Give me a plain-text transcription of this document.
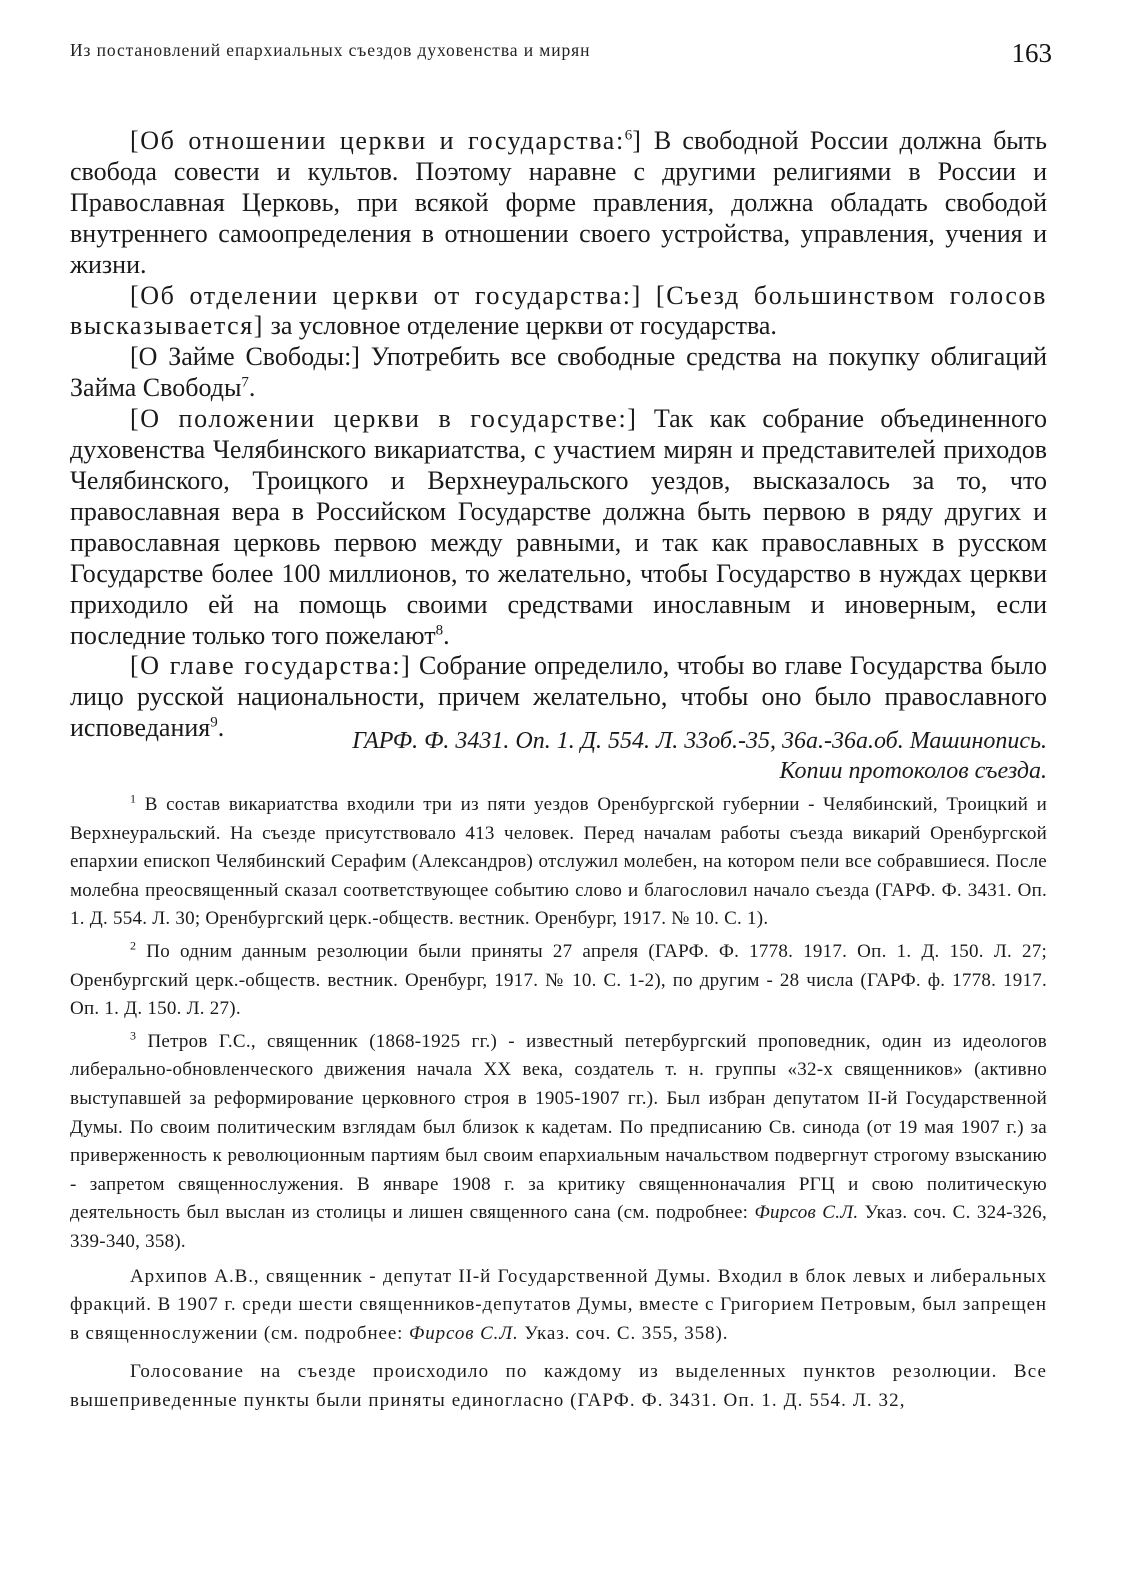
Из постановлений епархиальных съездов духовенства и мирян	163

[Об отношении церкви и государства:$^6$] В свободной России должна быть свобода совести и культов. Поэтому наравне с другими религиями в России и Православная Церковь, при всякой форме правления, должна обладать свободой внутреннего самоопределения в отношении своего устройства, управления, учения и жизни.

[Об отделении церкви от государства:] [Съезд большинством голосов высказывается] за условное отделение церкви от государства.

[О Займе Свободы:] Употребить все свободные средства на покупку облигаций Займа Свободы$^7$.

[О положении церкви в государстве:] Так как собрание объединенного духовенства Челябинского викариатства, с участием мирян и представителей приходов Челябинского, Троицкого и Верхнеуральского уездов, высказалось за то, что православная вера в Российском Государстве должна быть первою в ряду других и православная церковь первою между равными, и так как православных в русском Государстве более 100 миллионов, то желательно, чтобы Государство в нуждах церкви приходило ей на помощь своими средствами инославным и иноверным, если последние только того пожелают$^8$.

[О главе государства:] Собрание определило, чтобы во главе Государства было лицо русской национальности, причем желательно, чтобы оно было православного исповедания$^9$.	ГАРФ. Ф. 3431. Оп. 1. Д. 554. Л. 33об.-35, 36а.-36а.об. Машинопись.
Копии протоколов съезда.

$^1$ В состав викариатства входили три из пяти уездов Оренбургской губернии - Челябинский, Троицкий и Верхнеуральский. На съезде присутствовало 413 человек. Перед началам работы съезда викарий Оренбургской епархии епископ Челябинский Серафим (Александров) отслужил молебен, на котором пели все собравшиеся. После молебна преосвященный сказал соответствующее событию слово и благословил начало съезда (ГАРФ. Ф. 3431. Оп. 1. Д. 554. Л. 30; Оренбургский церк.-обществ. вестник. Оренбург, 1917. № 10. С. 1).

$^2$ По одним данным резолюции были приняты 27 апреля (ГАРФ. Ф. 1778. 1917. Оп. 1. Д. 150. Л. 27; Оренбургский церк.-обществ. вестник. Оренбург, 1917. № 10. С. 1-2), по другим - 28 числа (ГАРФ. ф. 1778. 1917. Оп. 1. Д. 150. Л. 27).

$^3$ Петров Г.С., священник (1868-1925 гг.) - известный петербургский проповедник, один из идеологов либерально-обновленческого движения начала XX века, создатель т. н. группы «32-х священников» (активно выступавшей за реформирование церковного строя в 1905-1907 гг.). Был избран депутатом II-й Государственной Думы. По своим политическим взглядам был близок к кадетам. По предписанию Св. синода (от 19 мая 1907 г.) за приверженность к революционным партиям был своим епархиальным начальством подвергнут строгому взысканию - запретом священнослужения. В январе 1908 г. за критику священноначалия РГЦ и свою политическую деятельность был выслан из столицы и лишен священного сана (см. подробнее: Фирсов С.Л. Указ. соч. С. 324-326, 339-340, 358).

Архипов А.В., священник - депутат II-й Государственной Думы. Входил в блок левых и либеральных фракций. В 1907 г. среди шести священников-депутатов Думы, вместе с Григорием Петровым, был запрещен в священнослужении (см. подробнее: Фирсов С.Л. Указ. соч. С. 355, 358).

Голосование на съезде происходило по каждому из выделенных пунктов резолюции. Все вышеприведенные пункты были приняты единогласно (ГАРФ. Ф. 3431. Оп. 1. Д. 554. Л. 32,
